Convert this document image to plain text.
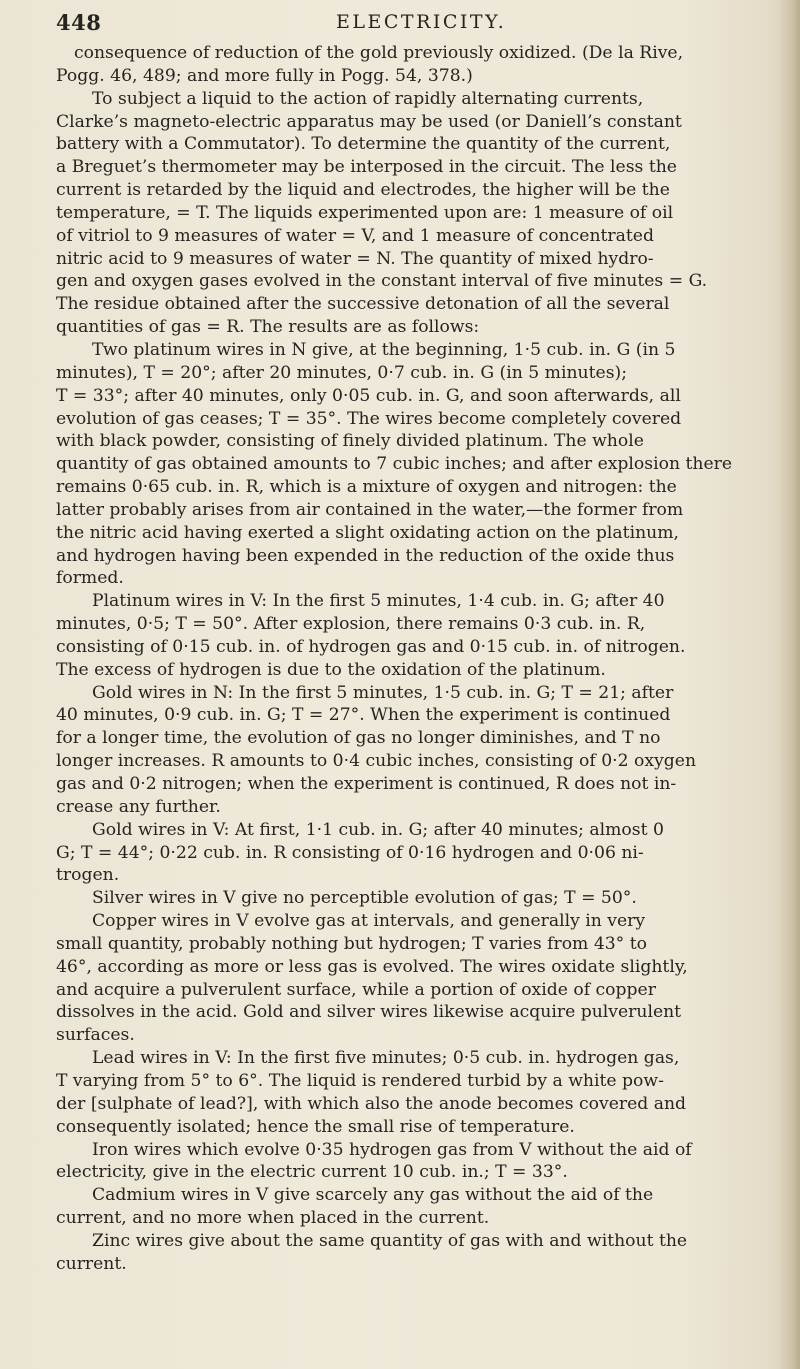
448	ELECTRICITY.
consequence of reduction of the gold previously oxidized. (De la Rive,
Pogg. 46, 489; and more fully in Pogg. 54, 378.)
To subject a liquid to the action of rapidly alternating currents,
Clarke’s magneto-electric apparatus may be used (or Daniell’s constant
battery with a Commutator). To determine the quantity of the current,
a Breguet’s thermometer may be interposed in the circuit. The less the
current is retarded by the liquid and electrodes, the higher will be the
temperature, = T. The liquids experimented upon are: 1 measure of oil
of vitriol to 9 measures of water = V, and 1 measure of concentrated
nitric acid to 9 measures of water = N. The quantity of mixed hydro-
gen and oxygen gases evolved in the constant interval of five minutes = G.
The residue obtained after the successive detonation of all the several
quantities of gas = R. The results are as follows:
Two platinum wires in N give, at the beginning, 1·5 cub. in. G (in 5
minutes), T = 20°; after 20 minutes, 0·7 cub. in. G (in 5 minutes);
T = 33°; after 40 minutes, only 0·05 cub. in. G, and soon afterwards, all
evolution of gas ceases; T = 35°. The wires become completely covered
with black powder, consisting of finely divided platinum. The whole
quantity of gas obtained amounts to 7 cubic inches; and after explosion there
remains 0·65 cub. in. R, which is a mixture of oxygen and nitrogen: the
latter probably arises from air contained in the water,—the former from
the nitric acid having exerted a slight oxidating action on the platinum,
and hydrogen having been expended in the reduction of the oxide thus
formed.
Platinum wires in V: In the first 5 minutes, 1·4 cub. in. G; after 40
minutes, 0·5; T = 50°. After explosion, there remains 0·3 cub. in. R,
consisting of 0·15 cub. in. of hydrogen gas and 0·15 cub. in. of nitrogen.
The excess of hydrogen is due to the oxidation of the platinum.
Gold wires in N: In the first 5 minutes, 1·5 cub. in. G; T = 21; after
40 minutes, 0·9 cub. in. G; T = 27°. When the experiment is continued
for a longer time, the evolution of gas no longer diminishes, and T no
longer increases. R amounts to 0·4 cubic inches, consisting of 0·2 oxygen
gas and 0·2 nitrogen; when the experiment is continued, R does not in-
crease any further.
Gold wires in V: At first, 1·1 cub. in. G; after 40 minutes; almost 0
G; T = 44°; 0·22 cub. in. R consisting of 0·16 hydrogen and 0·06 ni-
trogen.
Silver wires in V give no perceptible evolution of gas; T = 50°.
Copper wires in V evolve gas at intervals, and generally in very
small quantity, probably nothing but hydrogen; T varies from 43° to
46°, according as more or less gas is evolved. The wires oxidate slightly,
and acquire a pulverulent surface, while a portion of oxide of copper
dissolves in the acid. Gold and silver wires likewise acquire pulverulent
surfaces.
Lead wires in V: In the first five minutes; 0·5 cub. in. hydrogen gas,
T varying from 5° to 6°. The liquid is rendered turbid by a white pow-
der [sulphate of lead?], with which also the anode becomes covered and
consequently isolated; hence the small rise of temperature.
Iron wires which evolve 0·35 hydrogen gas from V without the aid of
electricity, give in the electric current 10 cub. in.; T = 33°.
Cadmium wires in V give scarcely any gas without the aid of the
current, and no more when placed in the current.
Zinc wires give about the same quantity of gas with and without the
current.
